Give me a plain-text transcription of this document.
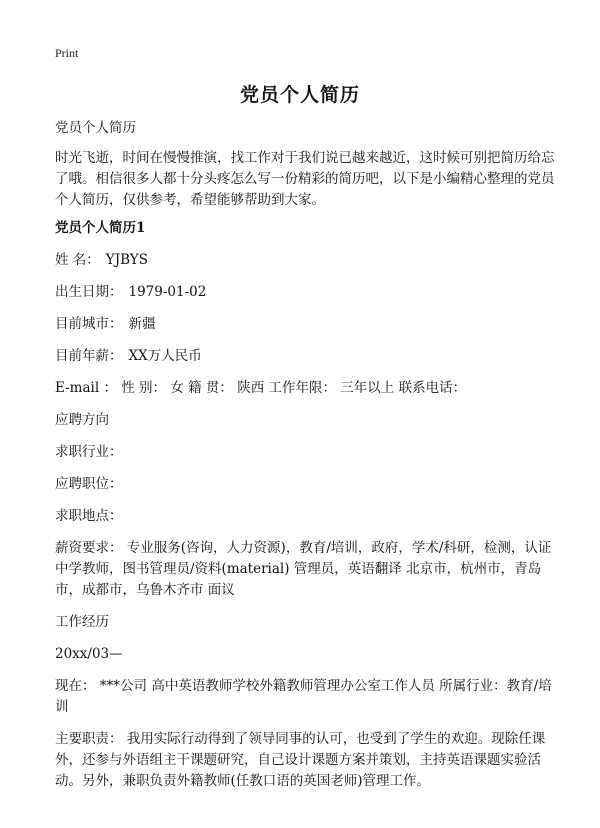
Print
党员个人简历

党员个人简历

时光飞逝，时间在慢慢推演，找工作对于我们说已越来越近，这时候可别把简历给忘了哦。相信很多人都十分头疼怎么写一份精彩的简历吧，以下是小编精心整理的党员个人简历，仅供参考，希望能够帮助到大家。

党员个人简历1

姓 名： YJBYS

出生日期： 1979-01-02

目前城市： 新疆

目前年薪： XX万人民币

E-mail ： 性 别： 女 籍 贯： 陕西 工作年限： 三年以上 联系电话：

应聘方向

求职行业：

应聘职位：

求职地点：

薪资要求： 专业服务(咨询，人力资源)，教育/培训，政府，学术/科研，检测，认证 中学教师，图书管理员/资料(material) 管理员，英语翻译 北京市，杭州市，青岛市，成都市，乌鲁木齐市 面议

工作经历

20xx/03—

现在： ***公司 高中英语教师学校外籍教师管理办公室工作人员 所属行业：教育/培训

主要职责： 我用实际行动得到了领导同事的认可，也受到了学生的欢迎。现除任课外，还参与外语组主干课题研究，自己设计课题方案并策划，主持英语课题实验活动。另外，兼职负责外籍教师(任教口语的英国老师)管理工作。
